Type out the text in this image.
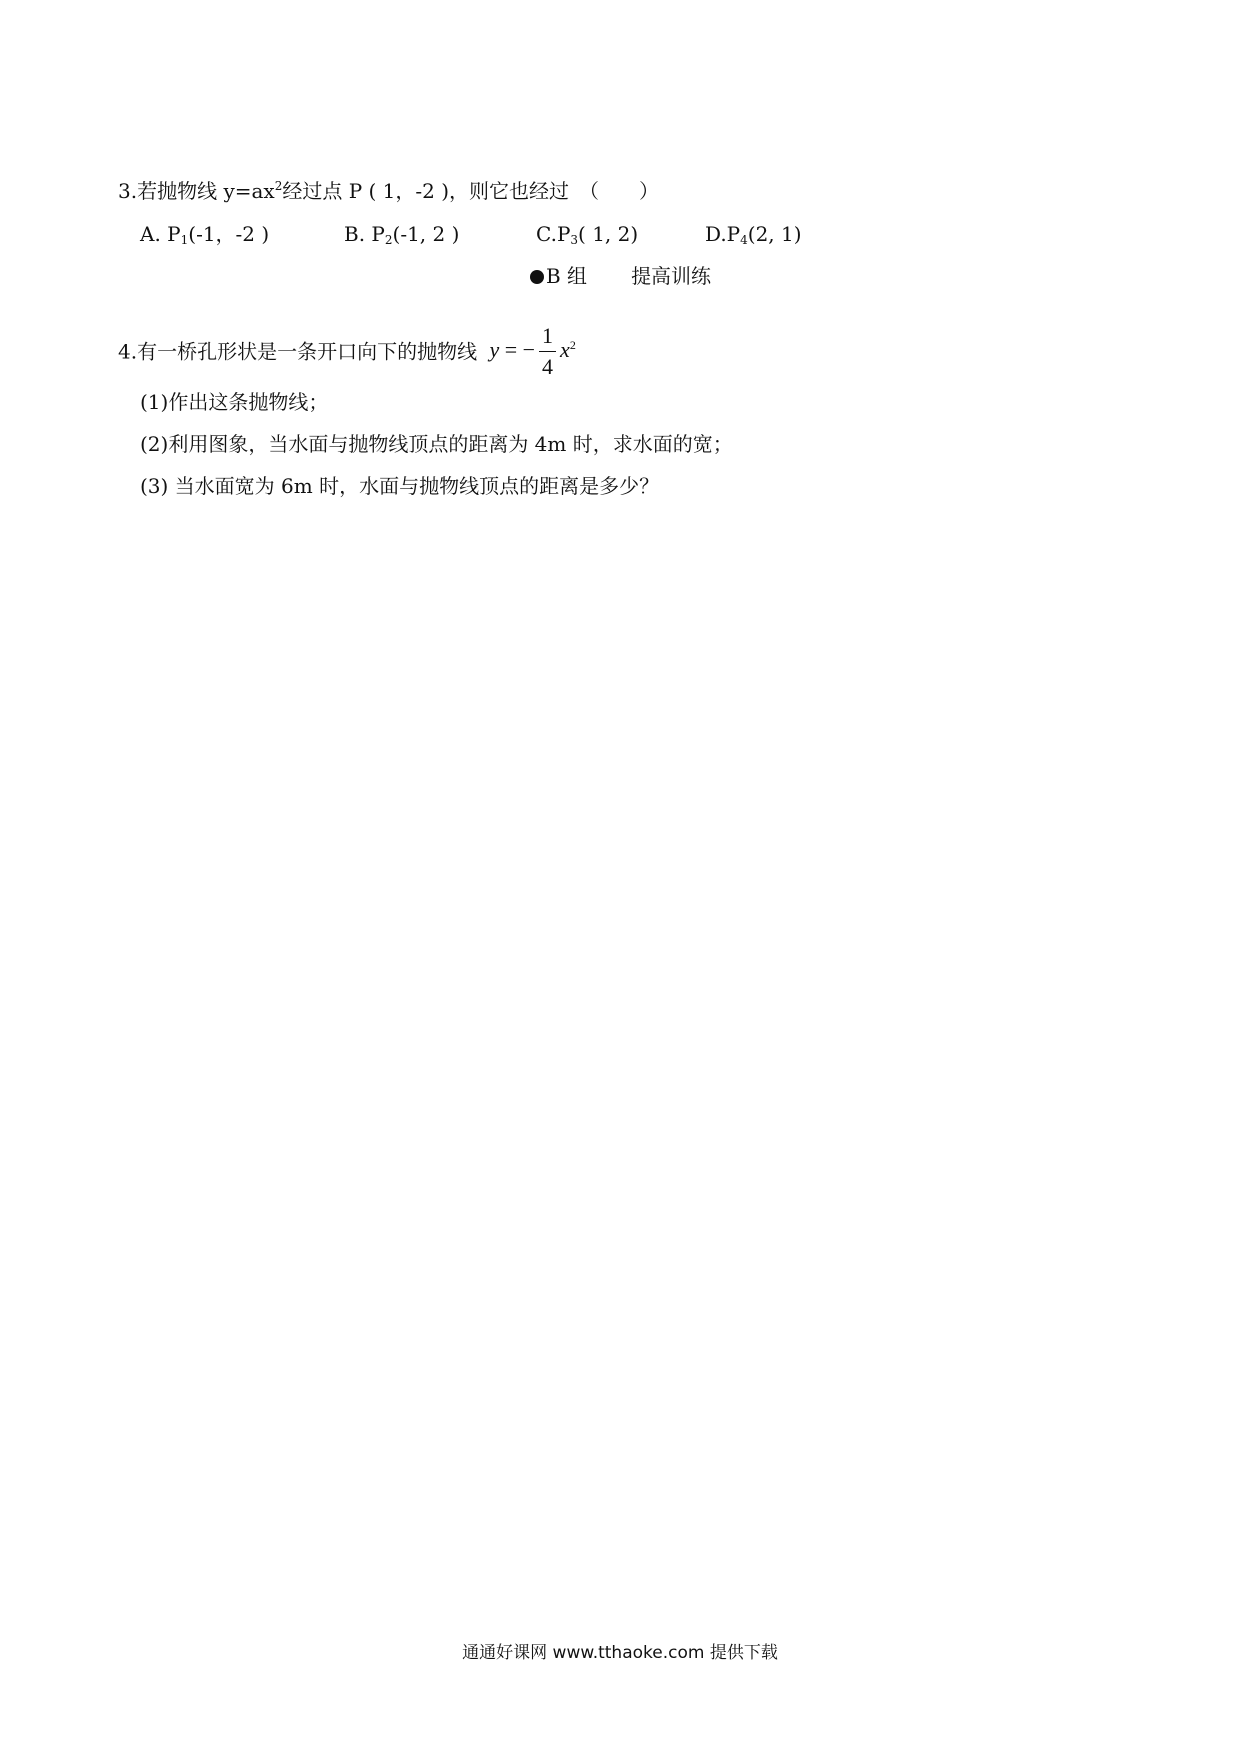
3.若抛物线 $y=ax^2$经过点 P ( 1，-2 )，则它也经过　（　　）
A. $P_1(-1$，-2 )	B. $P_2(-1$, 2 )	$C.P_3$( 1, 2)	$D.P_4(2$, 1)
B 组 提高训练
4.有一桥孔形状是一条开口向下的抛物线 y = − $\frac{1}{4} x^2$
(1)作出这条抛物线；
(2)利用图象，当水面与抛物线顶点的距离为 4m 时，求水面的宽；
(3) 当水面宽为 6m 时，水面与抛物线顶点的距离是多少？
通通好课网 www.tthaoke.com 提供下载
